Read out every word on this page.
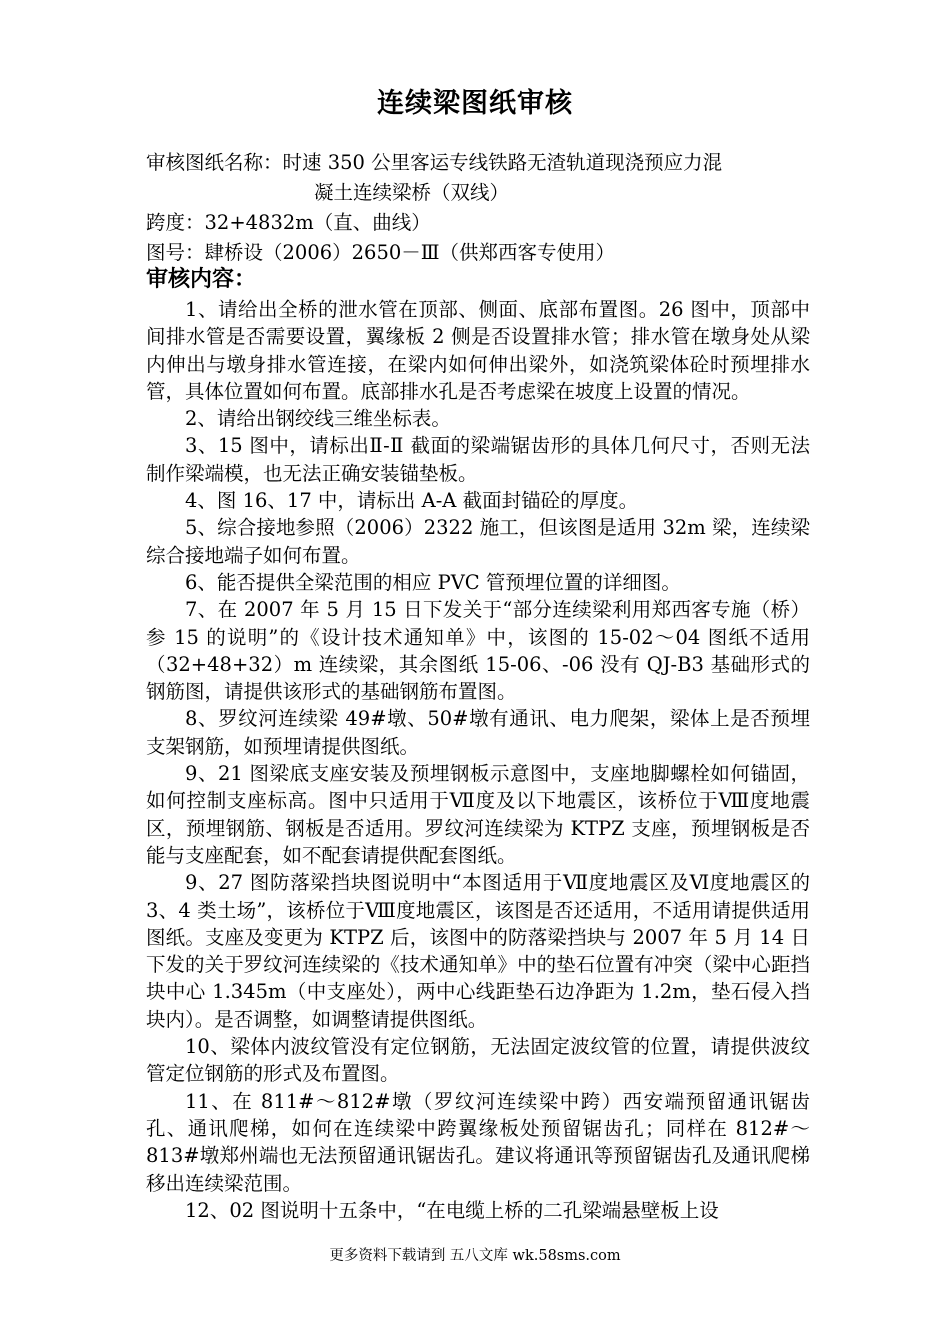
连续梁图纸审核
审核图纸名称：时速 350 公里客运专线铁路无渣轨道现浇预应力混
凝土连续梁桥（双线）
跨度：32+4832m（直、曲线）
图号：肆桥设（2006）2650－Ⅲ（供郑西客专使用）
审核内容：

1、请给出全桥的泄水管在顶部、侧面、底部布置图。26 图中，顶部中间排水管是否需要设置，翼缘板 2 侧是否设置排水管；排水管在墩身处从梁内伸出与墩身排水管连接，在梁内如何伸出梁外，如浇筑梁体砼时预埋排水管，具体位置如何布置。底部排水孔是否考虑梁在坡度上设置的情况。

2、请给出钢绞线三维坐标表。

3、15 图中，请标出Ⅱ-Ⅱ 截面的梁端锯齿形的具体几何尺寸，否则无法制作梁端模，也无法正确安装锚垫板。

4、图 16、17 中，请标出 A-A 截面封锚砼的厚度。

5、综合接地参照（2006）2322 施工，但该图是适用 32m 梁，连续梁综合接地端子如何布置。

6、能否提供全梁范围的相应 PVC 管预埋位置的详细图。

7、在 2007 年 5 月 15 日下发关于“部分连续梁利用郑西客专施（桥）参 15 的说明”的《设计技术通知单》中，该图的 15-02～04 图纸不适用（32+48+32）m 连续梁，其余图纸 15-06、-06 没有 QJ-B3 基础形式的钢筋图，请提供该形式的基础钢筋布置图。

8、罗纹河连续梁 49#墩、50#墩有通讯、电力爬架，梁体上是否预埋支架钢筋，如预埋请提供图纸。

9、21 图梁底支座安装及预埋钢板示意图中，支座地脚螺栓如何锚固，如何控制支座标高。图中只适用于Ⅶ度及以下地震区，该桥位于Ⅷ度地震区，预埋钢筋、钢板是否适用。罗纹河连续梁为 KTPZ 支座，预埋钢板是否能与支座配套，如不配套请提供配套图纸。

9、27 图防落梁挡块图说明中“本图适用于Ⅶ度地震区及Ⅵ度地震区的 3、4 类土场”，该桥位于Ⅷ度地震区，该图是否还适用，不适用请提供适用图纸。支座及变更为 KTPZ 后，该图中的防落梁挡块与 2007 年 5 月 14 日下发的关于罗纹河连续梁的《技术通知单》中的垫石位置有冲突（梁中心距挡块中心 1.345m（中支座处），两中心线距垫石边净距为 1.2m，垫石侵入挡块内）。是否调整，如调整请提供图纸。

10、梁体内波纹管没有定位钢筋，无法固定波纹管的位置，请提供波纹管定位钢筋的形式及布置图。

11、在 811#～812#墩（罗纹河连续梁中跨）西安端预留通讯锯齿孔、通讯爬梯，如何在连续梁中跨翼缘板处预留锯齿孔；同样在 812#～813#墩郑州端也无法预留通讯锯齿孔。建议将通讯等预留锯齿孔及通讯爬梯移出连续梁范围。

12、02 图说明十五条中，“在电缆上桥的二孔梁端悬壁板上设

更多资料下载请到 五八文库 wk.58sms.com
